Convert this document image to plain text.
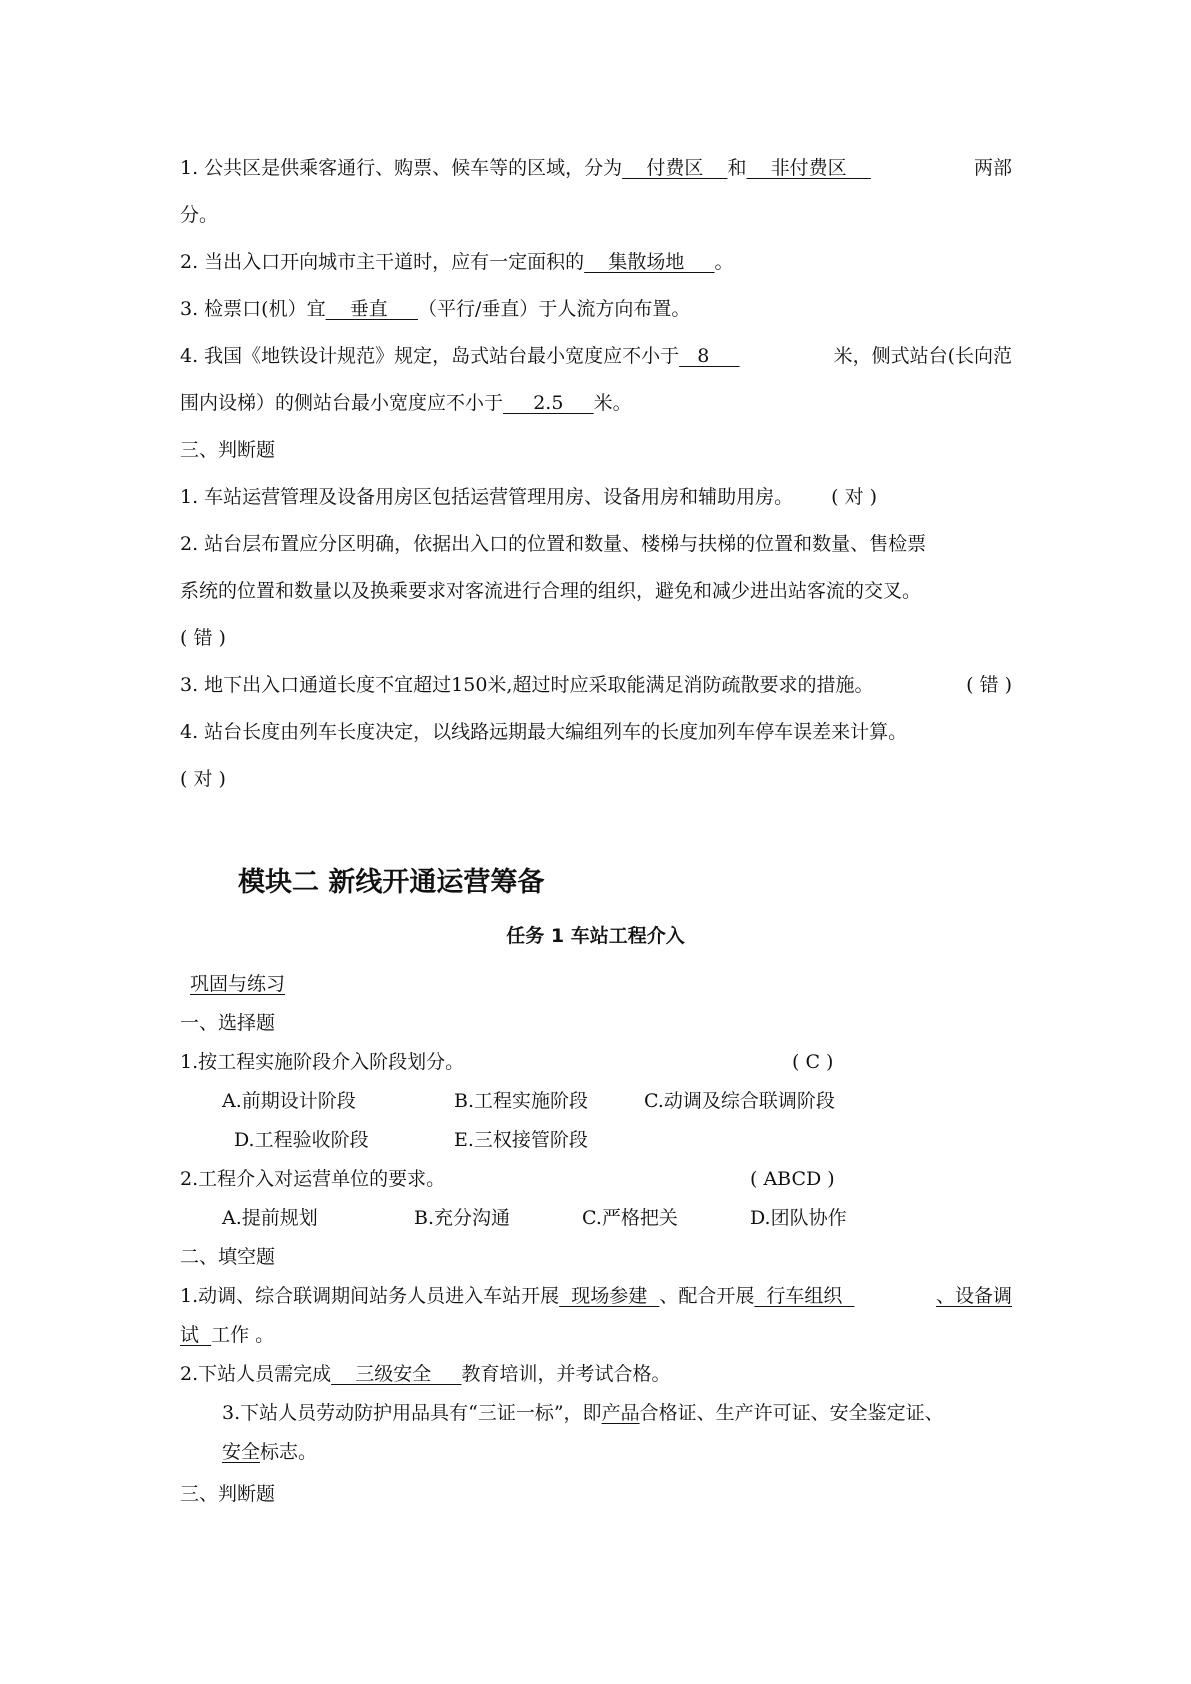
1. 公共区是供乘客通行、购票、候车等的区域，分为    付费区    和    非付费区	两部
分。
2. 当出入口开向城市主干道时，应有一定面积的    集散场地     。
3. 检票口(机）宜    垂直     （平行/垂直）于人流方向布置。
4. 我国《地铁设计规范》规定，岛式站台最小宽度应不小于   8	米，侧式站台(长向范
围内设梯）的侧站台最小宽度应不小于     2.5     米。
三、判断题
1. 车站运营管理及设备用房区包括运营管理用房、设备用房和辅助用房。 ( 对 )
2. 站台层布置应分区明确，依据出入口的位置和数量、楼梯与扶梯的位置和数量、售检票
系统的位置和数量以及换乘要求对客流进行合理的组织，避免和减少进出站客流的交叉。
( 错 )
3. 地下出入口通道长度不宜超过150米,超过时应采取能满足消防疏散要求的措施。	( 错 )
4. 站台长度由列车长度决定，以线路远期最大编组列车的长度加列车停车误差来计算。
( 对 )
模块二 新线开通运营筹备
任务 1 车站工程介入
巩固与练习
一、选择题
1.按工程实施阶段介入阶段划分。	( C )
A.前期设计阶段	B.工程实施阶段	C.动调及综合联调阶段
D.工程验收阶段	E.三权接管阶段
2.工程介入对运营单位的要求。	( ABCD )
A.提前规划	B.充分沟通	C.严格把关	D.团队协作
二、填空题
1.动调、综合联调期间站务人员进入车站开展  现场参建  、配合开展  行车组织	、设备调
试  工作 。
2.下站人员需完成    三级安全     教育培训，并考试合格。
3.下站人员劳动防护用品具有“三证一标”，即产品合格证、生产许可证、安全鉴定证、
安全标志。
三、判断题
